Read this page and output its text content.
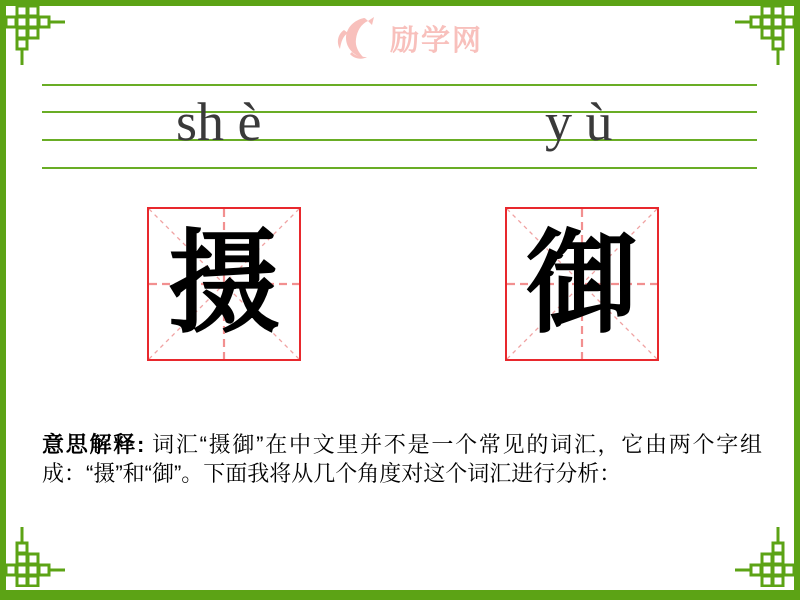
励学网
sh è	y ù
摄 御

意思解释: 词汇“摄御”在中文里并不是一个常见的词汇，它由两个字组成：“摄”和“御”。下面我将从几个角度对这个词汇进行分析：
